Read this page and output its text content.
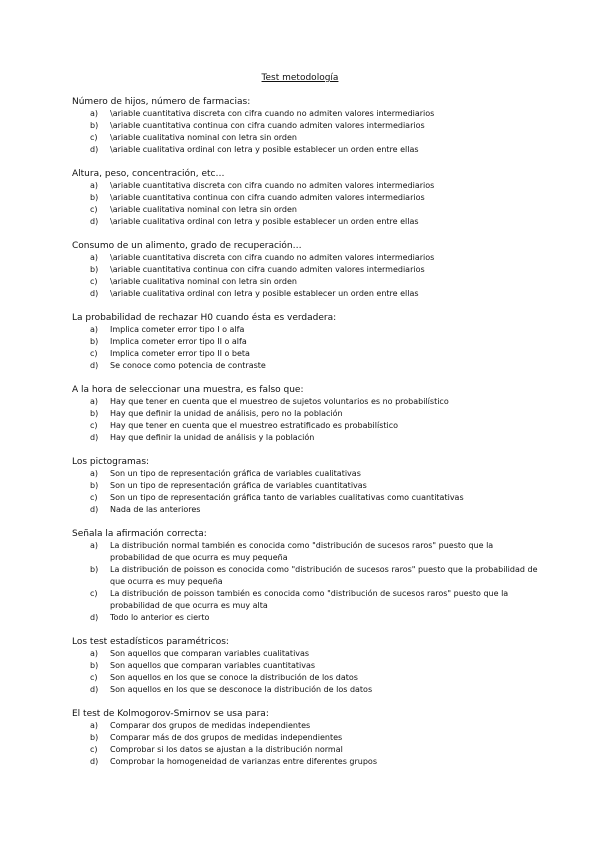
Test metodología
Número de hijos, número de farmacias:
a) \ariable cuantitativa discreta con cifra cuando no admiten valores intermediarios
b) \ariable cuantitativa continua con cifra cuando admiten valores intermediarios
c) \ariable cualitativa nominal con letra sin orden
d) \ariable cualitativa ordinal con letra y posible establecer un orden entre ellas
Altura, peso, concentración, etc…
a) \ariable cuantitativa discreta con cifra cuando no admiten valores intermediarios
b) \ariable cuantitativa continua con cifra cuando admiten valores intermediarios
c) \ariable cualitativa nominal con letra sin orden
d) \ariable cualitativa ordinal con letra y posible establecer un orden entre ellas
Consumo de un alimento, grado de recuperación…
a) \ariable cuantitativa discreta con cifra cuando no admiten valores intermediarios
b) \ariable cuantitativa continua con cifra cuando admiten valores intermediarios
c) \ariable cualitativa nominal con letra sin orden
d) \ariable cualitativa ordinal con letra y posible establecer un orden entre ellas
La probabilidad de rechazar H0 cuando ésta es verdadera:
a) Implica cometer error tipo I o alfa
b) Implica cometer error tipo II o alfa
c) Implica cometer error tipo II o beta
d) Se conoce como potencia de contraste
A la hora de seleccionar una muestra, es falso que:
a) Hay que tener en cuenta que el muestreo de sujetos voluntarios es no probabilístico
b) Hay que definir la unidad de análisis, pero no la población
c) Hay que tener en cuenta que el muestreo estratificado es probabilístico
d) Hay que definir la unidad de análisis y la población
Los pictogramas:
a) Son un tipo de representación gráfica de variables cualitativas
b) Son un tipo de representación gráfica de variables cuantitativas
c) Son un tipo de representación gráfica tanto de variables cualitativas como cuantitativas
d) Nada de las anteriores
Señala la afirmación correcta:
a) La distribución normal también es conocida como "distribución de sucesos raros" puesto que la probabilidad de que ocurra es muy pequeña
b) La distribución de poisson es conocida como "distribución de sucesos raros" puesto que la probabilidad de que ocurra es muy pequeña
c) La distribución de poisson también es conocida como "distribución de sucesos raros" puesto que la probabilidad de que ocurra es muy alta
d) Todo lo anterior es cierto
Los test estadísticos paramétricos:
a) Son aquellos que comparan variables cualitativas
b) Son aquellos que comparan variables cuantitativas
c) Son aquellos en los que se conoce la distribución de los datos
d) Son aquellos en los que se desconoce la distribución de los datos
El test de Kolmogorov-Smirnov se usa para:
a) Comparar dos grupos de medidas independientes
b) Comparar más de dos grupos de medidas independientes
c) Comprobar si los datos se ajustan a la distribución normal
d) Comprobar la homogeneidad de varianzas entre diferentes grupos
